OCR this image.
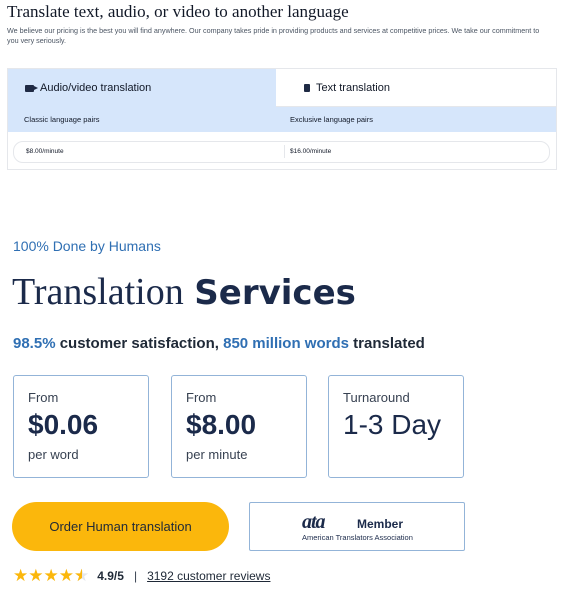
Translate text, audio, or video to another language
We believe our pricing is the best you will find anywhere. Our company takes pride in providing products and services at competitive prices. We take our commitment to you very seriously.
Audio/video translation	Text translation
Classic language pairs	Exclusive language pairs
$8.00/minute	$16.00/minute
100% Done by Humans
Translation Services
98.5% customer satisfaction, 850 million words translated
From
$0.06
per word
From
$8.00
per minute
Turnaround
1-3 Day
Order Human translation	ata	Member
American Translators Association
★ ★ ★ ★
★ ★ 4.9/5 | 3192 customer reviews
